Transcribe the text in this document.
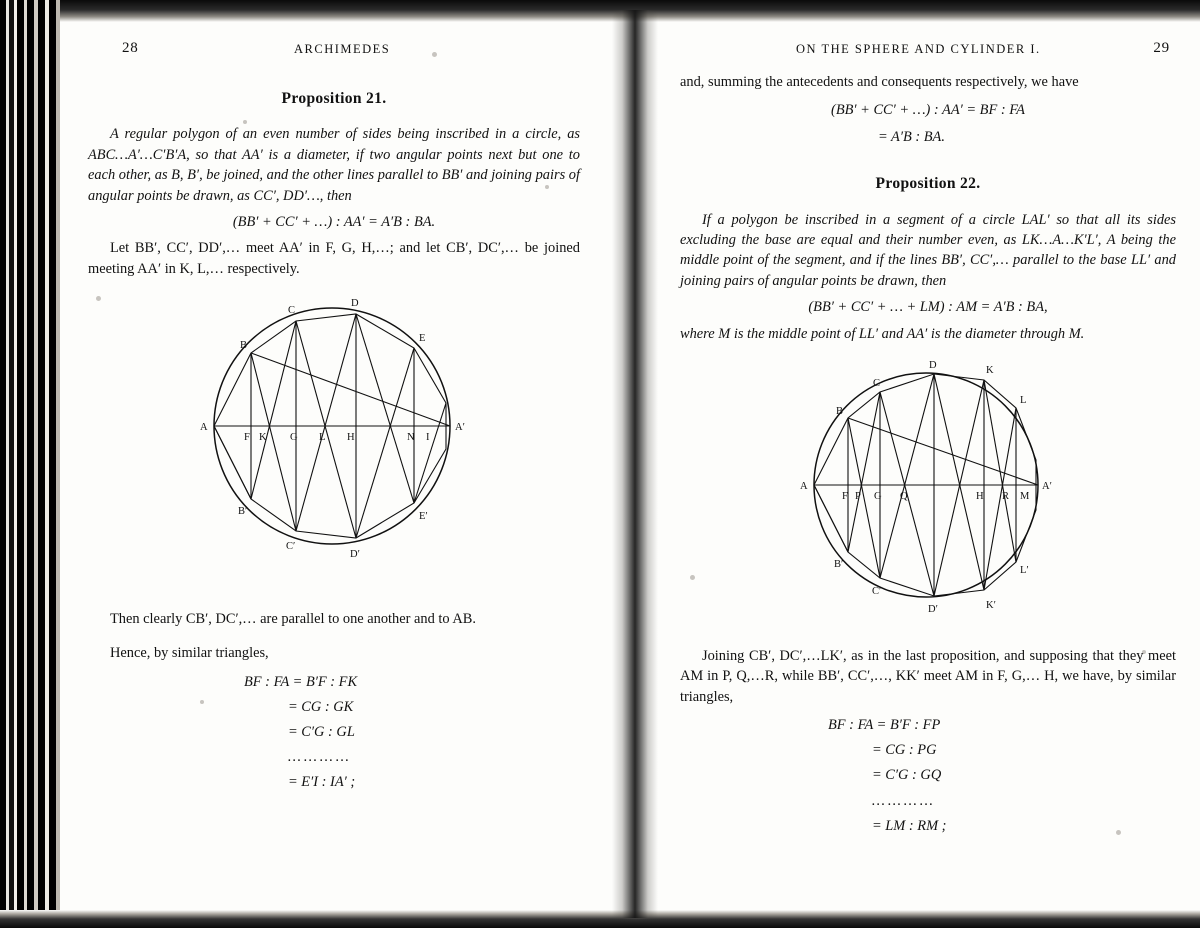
28	ARCHIMEDES
Proposition 21.

A regular polygon of an even number of sides being inscribed in a circle, as ABC…A′…C′B′A, so that AA′ is a diameter, if two angular points next but one to each other, as B, B′, be joined, and the other lines parallel to BB′ and joining pairs of angular points be drawn, as CC′, DD′…, then

(BB′ + CC′ + …) : AA′ = A′B : BA.

Let BB′, CC′, DD′,… meet AA′ in F, G, H,…; and let CB′, DC′,… be joined meeting AA′ in K, L,… respectively.

C
D
E
B
A	A′
B′	E′
C′
D′
F K G L H	N I

Then clearly CB′, DC′,… are parallel to one another and to AB.

Hence, by similar triangles,

BF : FA = B′F : FK
= CG : GK
= C′G : GL
…………
= E′I : IA′ ;
ON THE SPHERE AND CYLINDER I.	29

and, summing the antecedents and consequents respectively, we have

(BB′ + CC′ + …) : AA′ = BF : FA

= A′B : BA.

Proposition 22.

If a polygon be inscribed in a segment of a circle LAL′ so that all its sides excluding the base are equal and their number even, as LK…A…K′L′, A being the middle point of the segment, and if the lines BB′, CC′,… parallel to the base LL′ and joining pairs of angular points be drawn, then

(BB′ + CC′ + … + LM) : AM = A′B : BA,

where M is the middle point of LL′ and AA′ is the diameter through M.

D	K
C
L
B
A	A′
B′
L′
C′
K′
D′
F P G Q	H R M

Joining CB′, DC′,…LK′, as in the last proposition, and supposing that they meet AM in P, Q,…R, while BB′, CC′,…, KK′ meet AM in F, G,… H, we have, by similar triangles,

BF : FA = B′F : FP
= CG : PG
= C′G : GQ
…………
= LM : RM ;
